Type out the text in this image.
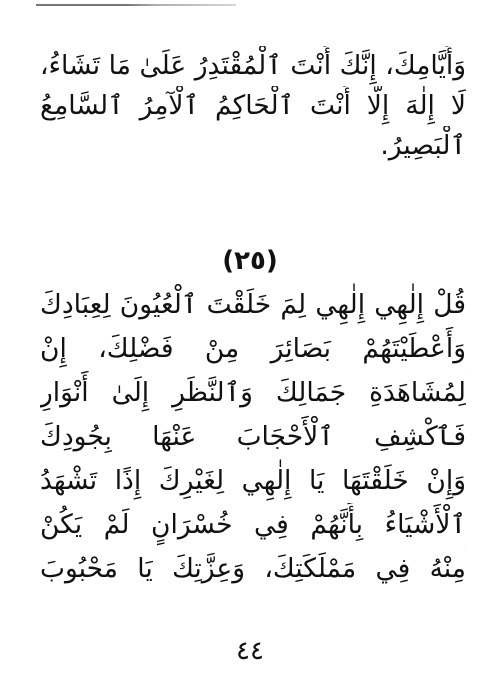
وَأَيَّامِكَ، إِنَّكَ أَنْتَ ٱلْمُقْتَدِرُ عَلَىٰ مَا تَشَاءُ،
لَا إِلٰهَ إِلَّا أَنْتَ ٱلْحَاكِمُ ٱلْآمِرُ ٱلسَّامِعُ
ٱلْبَصِيرُ.
(٢٥)
قُلْ إِلٰهِي إِلٰهِي لِمَ خَلَقْتَ ٱلْعُيُونَ لِعِبَادِكَ
وَأَعْطَيْتَهُمْ بَصَائِرَ مِنْ فَضْلِكَ، إِنْ
لِمُشَاهَدَةِ جَمَالِكَ وَٱلنَّظَرِ إِلَىٰ أَنْوَارِ
فَٱكْشِفِ ٱلْأَحْجَابَ عَنْهَا بِجُودِكَ
وَإِنْ خَلَقْتَهَا يَا إِلٰهِي لِغَيْرِكَ إِذًا تَشْهَدُ
ٱلْأَشْيَاءُ بِأَنَّهُمْ فِي خُسْرَانٍ لَمْ يَكُنْ
مِنْهُ فِي مَمْلَكَتِكَ، وَعِزَّتِكَ يَا مَحْبُوبَ
٤٤
